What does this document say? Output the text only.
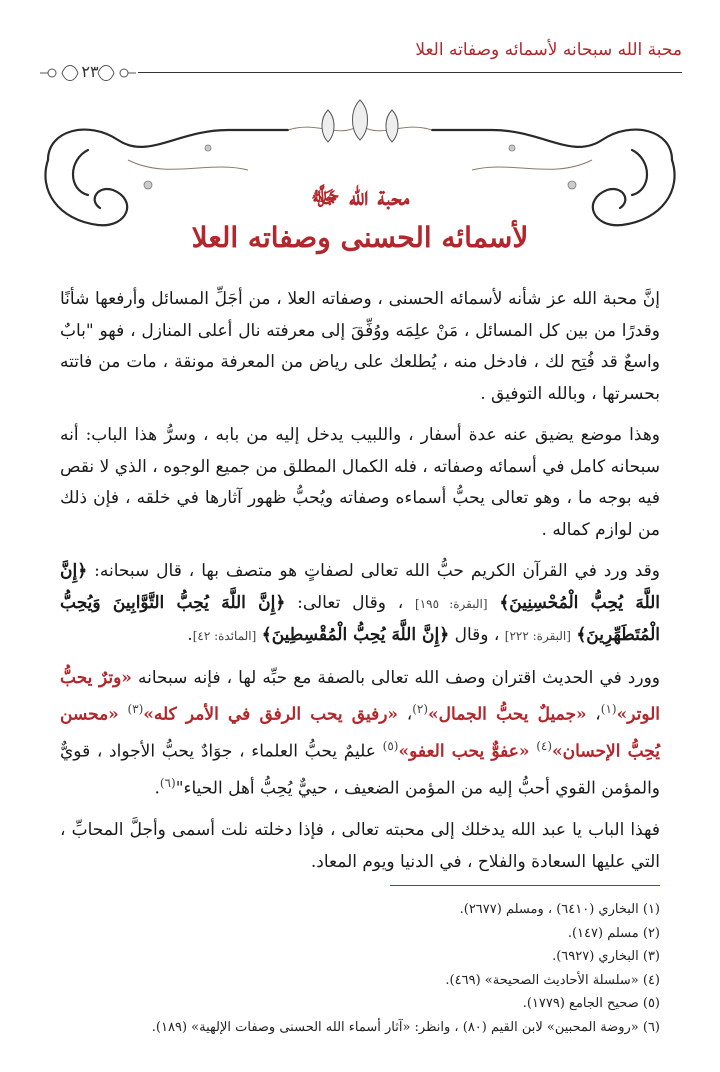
محبة الله سبحانه لأسمائه وصفاته العلا
٢٣
محبة الله ﷻ
لأسمائه الحسنى وصفاته العلا

إنَّ محبة الله عز شأنه لأسمائه الحسنى ، وصفاته العلا ، من أجَلِّ المسائل وأرفعها شأنًا وقدرًا من بين كل المسائل ، مَنْ علِمَه ووُفِّقَ إلى معرفته نال أعلى المنازل ، فهو "بابٌ واسعٌ قد فُتِح لك ، فادخل منه ، يُطلعك على رياض من المعرفة مونقة ، مات من فاتته بحسرتها ، وبالله التوفيق .

وهذا موضع يضيق عنه عدة أسفار ، واللبيب يدخل إليه من بابه ، وسرُّ هذا الباب: أنه سبحانه كامل في أسمائه وصفاته ، فله الكمال المطلق من جميع الوجوه ، الذي لا نقص فيه بوجه ما ، وهو تعالى يحبُّ أسماءه وصفاته ويُحبُّ ظهور آثارها في خلقه ، فإن ذلك من لوازم كماله .

وقد ورد في القرآن الكريم حبُّ الله تعالى لصفاتٍ هو متصف بها ، قال سبحانه: ﴿إِنَّ اللَّهَ يُحِبُّ الْمُحْسِنِينَ﴾ [البقرة: ١٩٥] ، وقال تعالى: ﴿إِنَّ اللَّهَ يُحِبُّ التَّوَّابِينَ وَيُحِبُّ الْمُتَطَهِّرِينَ﴾ [البقرة: ٢٢٢] ، وقال ﴿إِنَّ اللَّهَ يُحِبُّ الْمُقْسِطِينَ﴾ [المائدة: ٤٢].

وورد في الحديث اقتران وصف الله تعالى بالصفة مع حبِّه لها ، فإنه سبحانه «وترٌ يحبُّ الوتر»$^{(١)}$، «جميلٌ يحبُّ الجمال»$^{(٢)}$، «رفيق يحب الرفق في الأمر كله»$^{(٣)}$ «محسن يُحِبُّ الإحسان»$^{(٤)}$ «عفوٌّ يحب العفو»$^{(٥)}$ عليمٌ يحبُّ العلماء ، جوَادٌ يحبُّ الأجواد ، قويٌّ والمؤمن القوي أحبُّ إليه من المؤمن الضعيف ، حييٌّ يُحِبُّ أهل الحياء"$^{(٦)}$.

فهذا الباب يا عبد الله يدخلك إلى محبته تعالى ، فإذا دخلته نلت أسمى وأجلَّ المحابِّ ، التي عليها السعادة والفلاح ، في الدنيا ويوم المعاد.

(١) البخاري (٦٤١٠) ، ومسلم (٢٦٧٧).
(٢) مسلم (١٤٧).
(٣) البخاري (٦٩٢٧).
(٤) «سلسلة الأحاديث الصحيحة» (٤٦٩).
(٥) صحيح الجامع (١٧٧٩).
(٦) «روضة المحبين» لابن القيم (٨٠) ، وانظر: «آثار أسماء الله الحسنى وصفات الإلهية» (١٨٩).
